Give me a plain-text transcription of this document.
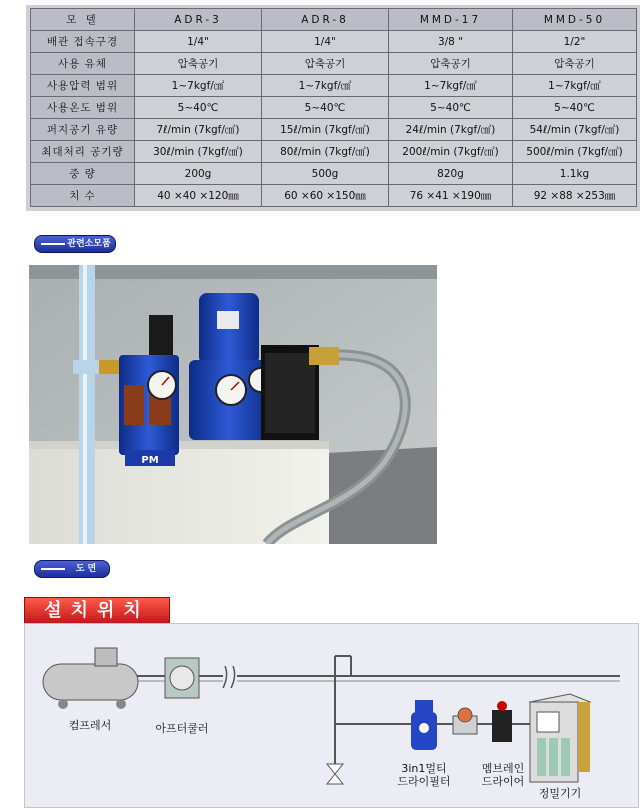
모 델	ADR-3	ADR-8	MMD-17	MMD-50
배관 접속구경	1/4"	1/4"	3/8 "	1/2"
사용 유체	압축공기	압축공기	압축공기	압축공기
사용압력 범위	1~7kgf/㎠	1~7kgf/㎠	1~7kgf/㎠	1~7kgf/㎠
사용온도 범위	5~40℃	5~40℃	5~40℃	5~40℃
퍼지공기 유량	7ℓ/min (7kgf/㎠)	15ℓ/min (7kgf/㎠)	24ℓ/min (7kgf/㎠)	54ℓ/min (7kgf/㎠)
최대처리 공기량	30ℓ/min (7kgf/㎠)	80ℓ/min (7kgf/㎠)	200ℓ/min (7kgf/㎠)	500ℓ/min (7kgf/㎠)
중 량	200g	500g	820g	1.1kg
치 수	40 ×40 ×120㎜	60 ×60 ×150㎜	76 ×41 ×190㎜	92 ×88 ×253㎜
관련소모품
PM
도 면
설치위치
컴프레서	아프터쿨러
3in1멀티
드라이필터
멤브레인
드라이어
정밀기기
